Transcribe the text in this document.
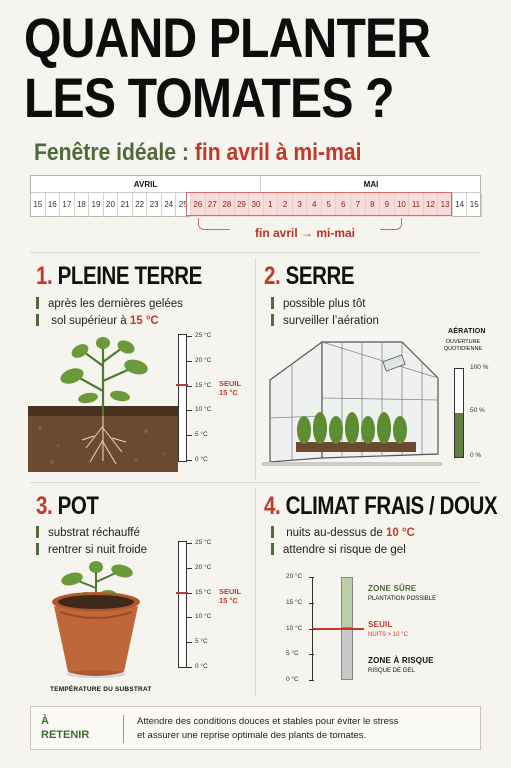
QUAND PLANTER
LES TOMATES ?
Fenêtre idéale : fin avril à mi-mai
AVRIL	MAI
15 16 17 18 19 20 21 22 23 24 25 26 27 28 29 30 1	2	3	4	5	6	7	8	9 10 11 12 13 14 15
fin avril → mi-mai
1. PLEINE TERRE
après les dernières gelées
sol supérieur à 15 °C
SEUIL
15 °C
2. SERRE
possible plus tôt
surveiller l’aération
AÉRATION
OUVERTURE
QUOTIDIENNE
100 %
50 %
0 %
3. POT
substrat réchauffé
rentrer si nuit froide
SEUIL
15 °C
TEMPÉRATURE DU SUBSTRAT
4. CLIMAT FRAIS / DOUX
nuits au-dessus de 10 °C
attendre si risque de gel
ZONE SÛRE
PLANTATION POSSIBLE
SEUIL
NUITS > 10 °C
ZONE À RISQUE
RISQUE DE GEL
À
RETENIR
Attendre des conditions douces et stables pour éviter le stress
et assurer une reprise optimale des plants de tomates.
25 °C
20 °C
15 °C
10 °C
5 °C
0 °C
25 °C
20 °C
15 °C
10 °C
5 °C
0 °C
20 °C
15 °C
10 °C
5 °C
0 °C
